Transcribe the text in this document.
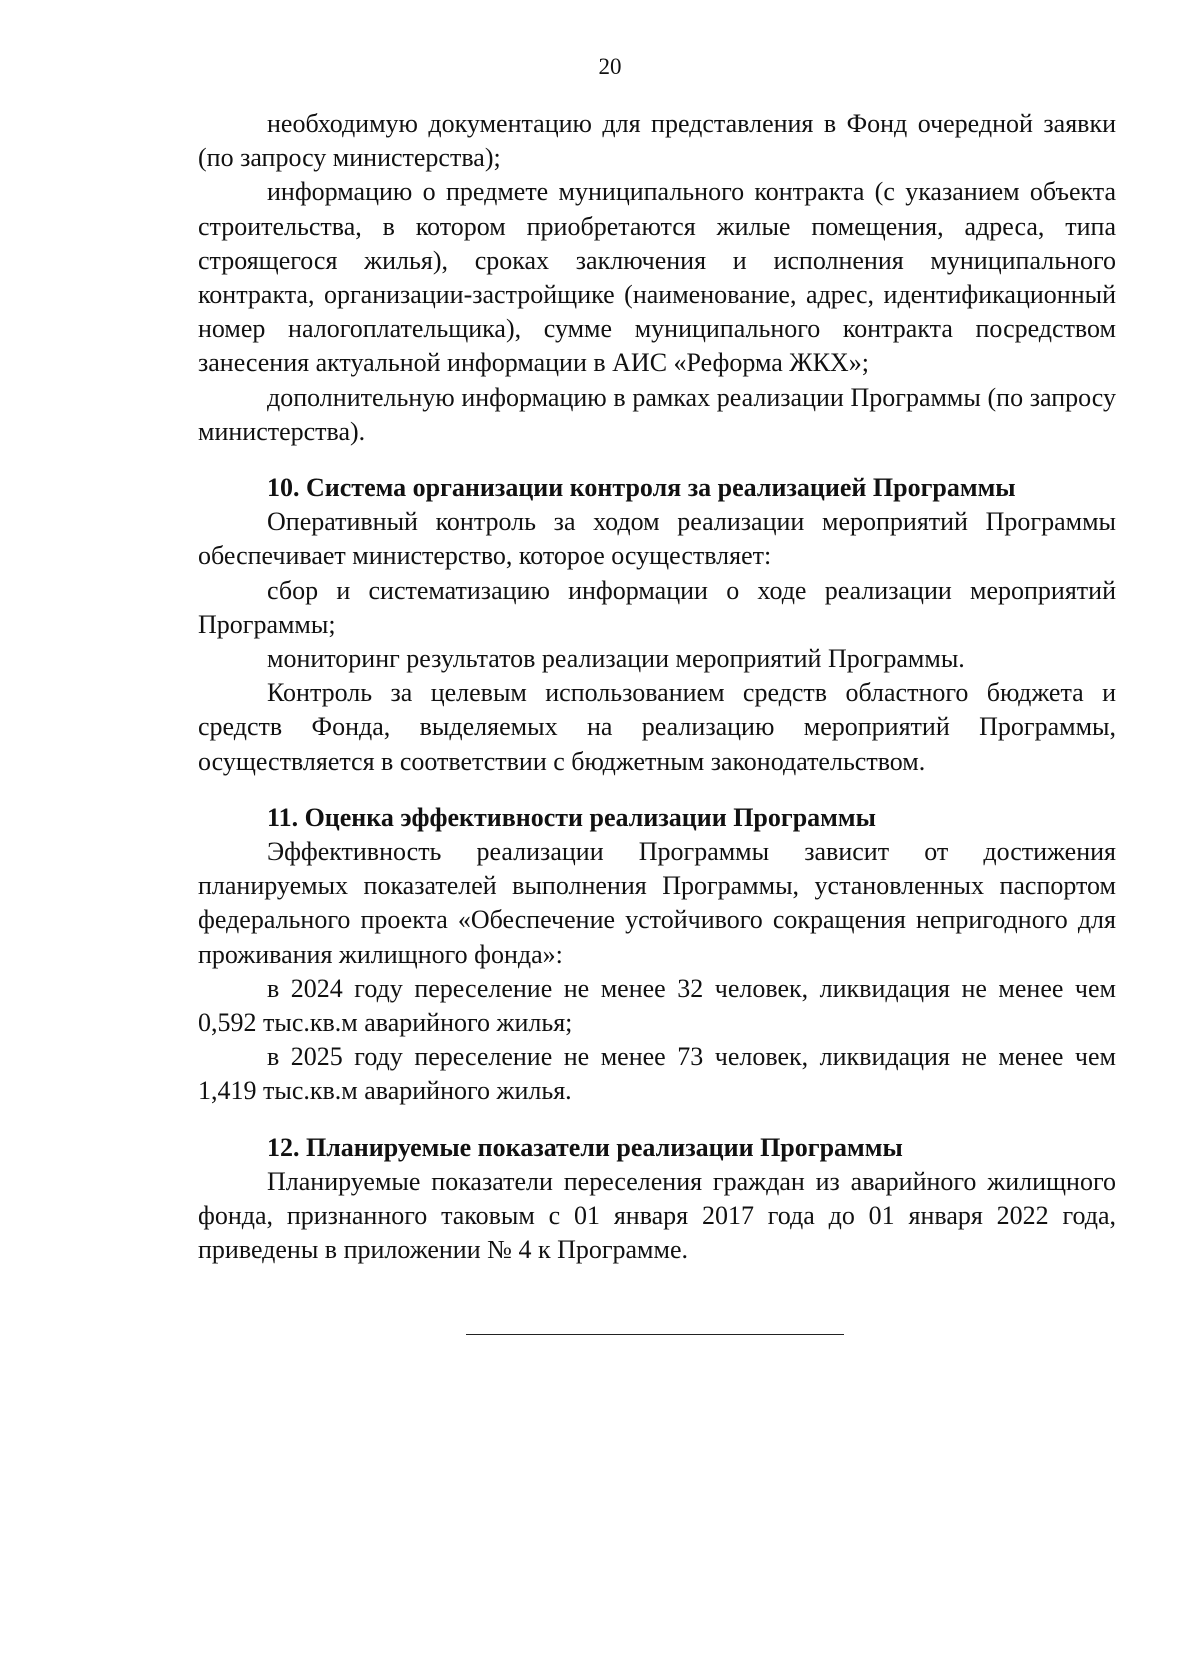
20

необходимую документацию для представления в Фонд очередной заявки (по запросу министерства);

информацию о предмете муниципального контракта (с указанием объекта строительства, в котором приобретаются жилые помещения, адреса, типа строящегося жилья), сроках заключения и исполнения муниципального контракта, организации-застройщике (наименование, адрес, идентификационный номер налогоплательщика), сумме муниципального контракта посредством занесения актуальной информации в АИС «Реформа ЖКХ»;

дополнительную информацию в рамках реализации Программы (по запросу министерства).

10. Система организации контроля за реализацией Программы

Оперативный контроль за ходом реализации мероприятий Программы обеспечивает министерство, которое осуществляет:

сбор и систематизацию информации о ходе реализации мероприятий Программы;

мониторинг результатов реализации мероприятий Программы.

Контроль за целевым использованием средств областного бюджета и средств Фонда, выделяемых на реализацию мероприятий Программы, осуществляется в соответствии с бюджетным законодательством.

11. Оценка эффективности реализации Программы

Эффективность реализации Программы зависит от достижения планируемых показателей выполнения Программы, установленных паспортом федерального проекта «Обеспечение устойчивого сокращения непригодного для проживания жилищного фонда»:

в 2024 году переселение не менее 32 человек, ликвидация не менее чем 0,592 тыс.кв.м аварийного жилья;

в 2025 году переселение не менее 73 человек, ликвидация не менее чем 1,419 тыс.кв.м аварийного жилья.

12. Планируемые показатели реализации Программы

Планируемые показатели переселения граждан из аварийного жилищного фонда, признанного таковым с 01 января 2017 года до 01 января 2022 года, приведены в приложении № 4 к Программе.
